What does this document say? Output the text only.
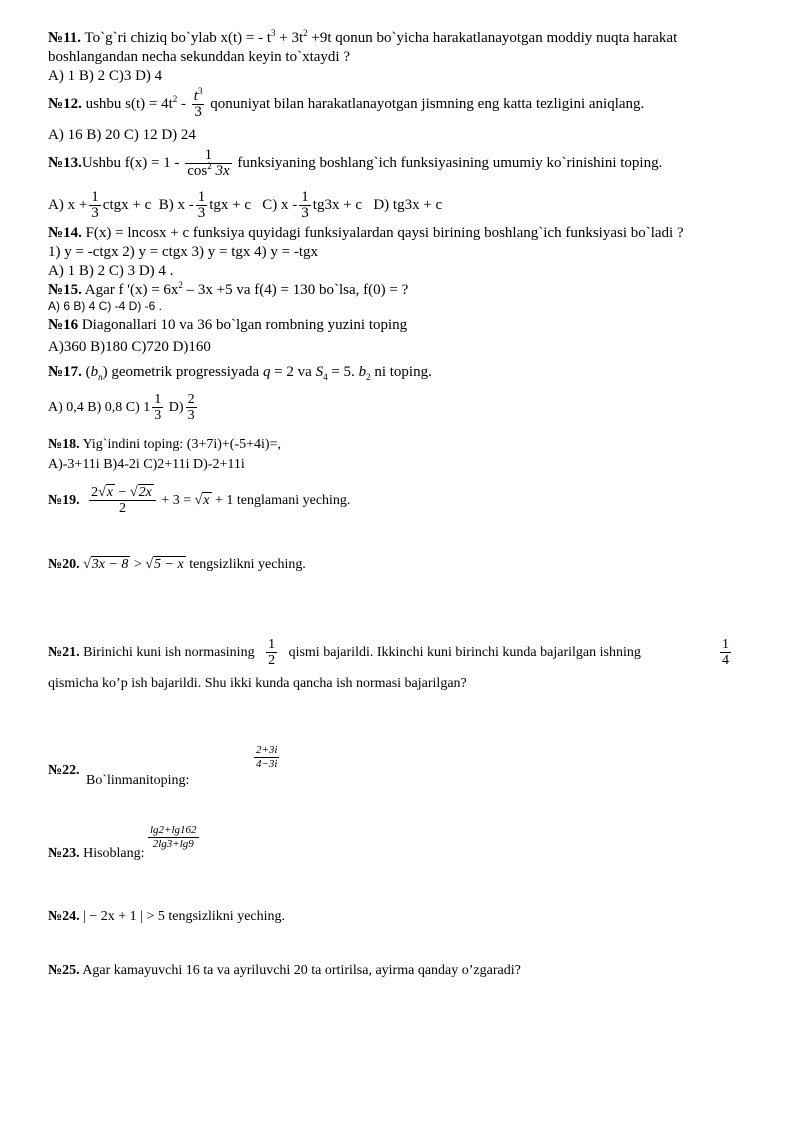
№11. To`g`ri chiziq bo`ylab x(t) = - $t^3 + 3t^2 +9t$ qonun bo`yicha harakatlanayotgan moddiy nuqta harakat
boshlangandan necha sekunddan keyin to`xtaydi ?
A) 1 B) 2 C)3 D) 4
№12. ushbu $s(t) = 4t^2 - \frac{t^3}{3}$ qonuniyat bilan harakatlanayotgan jismning eng katta tezligini aniqlang.
A) 16 B) 20 C) 12 D) 24
№13.Ushbu $f(x) = 1 - \frac{1}{\cos^2 3x}$ funksiyaning boshlang`ich funksiyasining umumiy ko`rinishini toping.
A) $x + \frac{1}{3}$ ctgx + c B) x - $\frac{1}{3}$ tgx + c C) $x - \frac{1}{3} tg3x + c$ D) tg3x + c
№14. F(x) = lncosx + c funksiya quyidagi funksiyalardan qaysi birining boshlang`ich funksiyasi bo`ladi ?
1) y = -ctgx 2) y = ctgx 3) y = tgx 4) y = -tgx
A) 1 B) 2 C) 3 D) 4 .
№15. Agar f '$(x) = 6x^2 - 3x +5$ va f(4) = 130 bo`lsa, f(0) = ?
A) 6 B) 4 C) -4 D) -6 .
№16 Diagonallari 10 va 36 bo`lgan rombning yuzini toping
A)360 B)180 C)720 D)160
№17. $(b_n)$ geometrik progressiyada q = 2 va $S_4 = 5$. $b_2$ ni toping.
A) 0,4 B) 0,8 C) $1 \frac{1}{3} D) \frac{2}{3}$
№18. Yig`indini toping: (3+7i)+(-5+4i)=,
A)-3+11i B)4-2i C)2+11i D)-2+11i
№19. $\frac{2√x - √2x}{2} + 3 = √x + 1$ tenglamani yeching.
№20. √3x − 8 > √5 − x tengsizlikni yeching.
№21. Birinichi kuni ish normasining $\frac{1}{2}$ qismi bajarildi. Ikkinchi kuni birinchi kunda bajarilgan ishning	$\frac{1}{4}$
qismicha ko’p ish bajarildi. Shu ikki kunda qancha ish normasi bajarilgan?
№22.
Bo`linmanitoping:
$\frac{2+3i}{4-3i}$
№23. Hisoblang:
$\frac{\lg 2+\lg 162}{2\lg 3+\lg 9}$
№24. | − 2x + 1 | > 5 tengsizlikni yeching.
№25. Agar kamayuvchi 16 ta va ayriluvchi 20 ta ortirilsa, ayirma qanday o’zgaradi?
